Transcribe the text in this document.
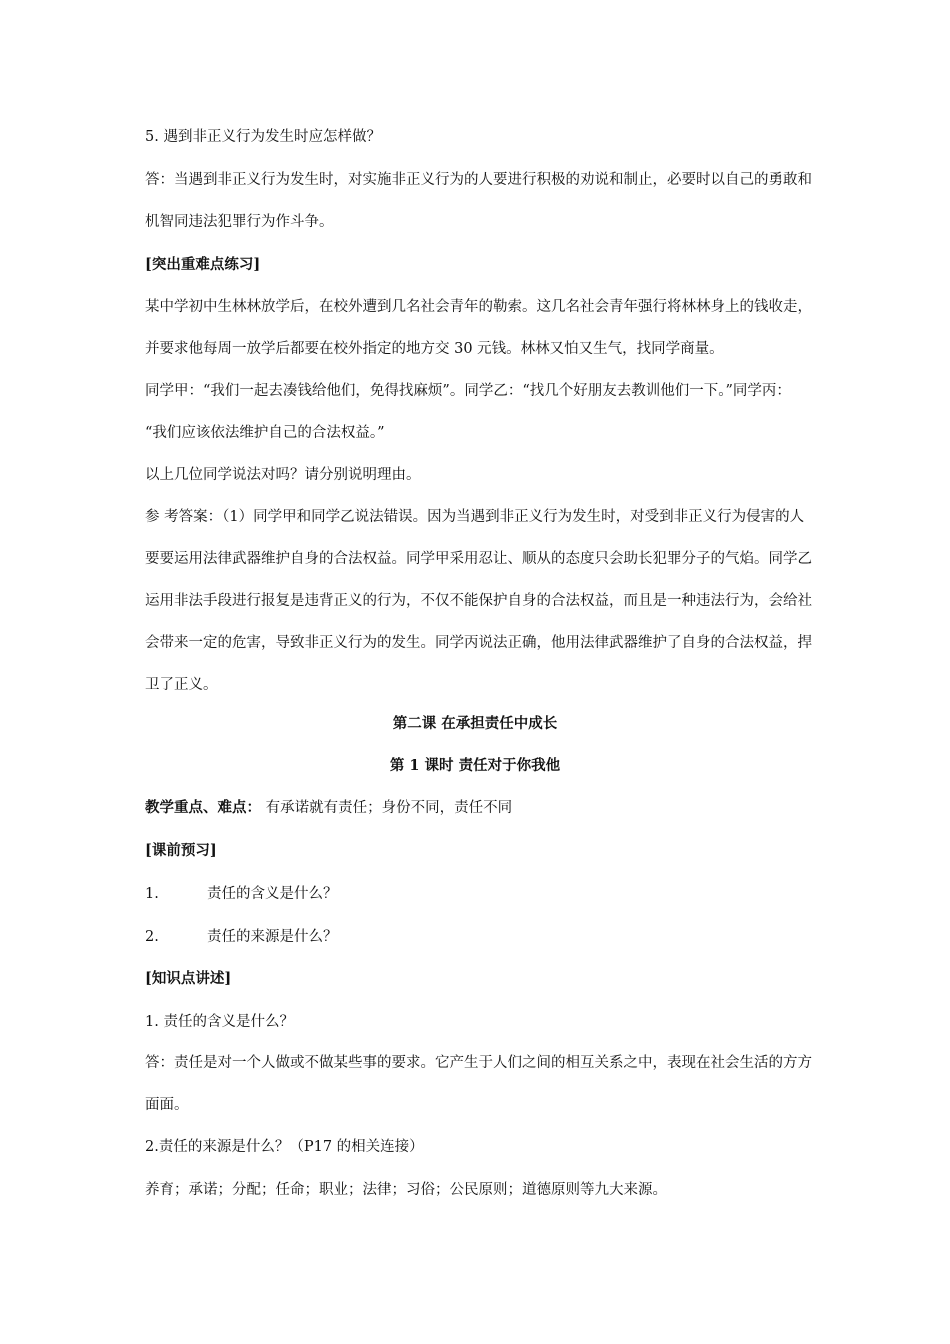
5. 遇到非正义行为发生时应怎样做？
答：当遇到非正义行为发生时，对实施非正义行为的人要进行积极的劝说和制止，必要时以自己的勇敢和
机智同违法犯罪行为作斗争。
[突出重难点练习]
某中学初中生林林放学后，在校外遭到几名社会青年的勒索。这几名社会青年强行将林林身上的钱收走，
并要求他每周一放学后都要在校外指定的地方交 30 元钱。林林又怕又生气，找同学商量。
同学甲：“我们一起去凑钱给他们，免得找麻烦”。同学乙：“找几个好朋友去教训他们一下。”同学丙：
“我们应该依法维护自己的合法权益。”
以上几位同学说法对吗？请分别说明理由。
参 考答案：（1）同学甲和同学乙说法错误。因为当遇到非正义行为发生时，对受到非正义行为侵害的人
要要运用法律武器维护自身的合法权益。同学甲采用忍让、顺从的态度只会助长犯罪分子的气焰。同学乙
运用非法手段进行报复是违背正义的行为，不仅不能保护自身的合法权益，而且是一种违法行为，会给社
会带来一定的危害，导致非正义行为的发生。同学丙说法正确，他用法律武器维护了自身的合法权益，捍
卫了正义。
第二课 在承担责任中成长
第 1 课时 责任对于你我他
教学重点、难点： 有承诺就有责任；身份不同，责任不同
[课前预习]
1.	责任的含义是什么？
2.	责任的来源是什么？
[知识点讲述]
1. 责任的含义是什么？
答：责任是对一个人做或不做某些事的要求。它产生于人们之间的相互关系之中，表现在社会生活的方方
面面。
2.责任的来源是什么？（P17 的相关连接）
养育；承诺；分配；任命；职业；法律；习俗；公民原则；道德原则等九大来源。
